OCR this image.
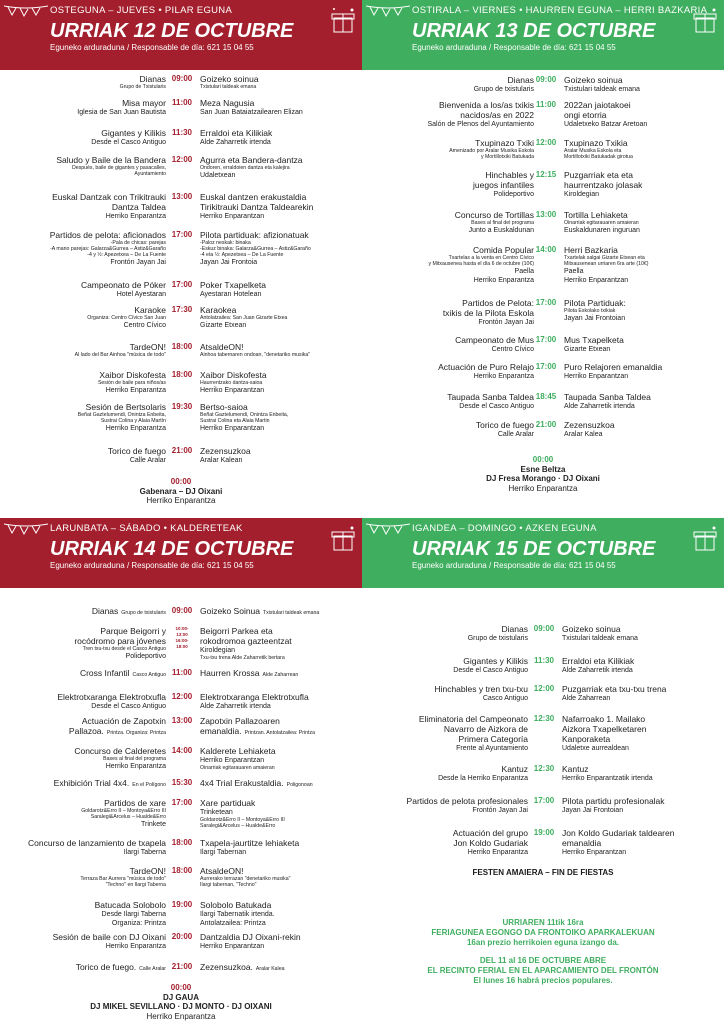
OSTEGUNA – JUEVES • PILAR EGUNA
URRIAK 12 DE OCTUBRE
Eguneko arduraduna / Responsable de día: 621 15 04 55
Dianas
Grupo de Txistularis
09:00 Goizeko soinua
Txistulari taldeak emana
Misa mayor
Iglesia de San Juan Bautista
11:00 Meza Nagusia
San Juan Bataiatzailearen Elizan
Gigantes y Kilikis
Desde el Casco Antiguo
11:30 Erraldoi eta Kilikiak
Alde Zaharretik irtenda
Saludo y Baile de la Bandera
Después, baile de gigantes y pasacalles,
Ayuntamiento
12:00 Agurra eta Bandera-dantza
Ondoren, erraldoien dantza eta kalejira
Udaletxean
Euskal Dantzak con Trikitrauki
Dantza Taldea
Herriko Enparantza
13:00 Euskal dantzen erakustaldia
Tirikitrauki Dantza Taldearekin
Herriko Enparantzan
Partidos de pelota: aficionados
-Pala de chicas: parejas
-A mano parejas: Galarza&Gurrea – Astiz&Garaño
-4 y ½: Apezetxea – De La Fuente
Frontón Jayan Jai
17:00 Pilota partiduak: afizionatuak
-Paloz neskak: binaka
-Eskuz binaka: Galarza&Gurrea – Astiz&Garaño
-4 eta ½: Apezetxea – De La Fuente
Jayan Jai Frontoia
Campeonato de Póker
Hotel Ayestaran
17:00 Poker Txapelketa
Ayestaran Hotelean
Karaoke
Organiza: Centro Cívico San Juan
Centro Cívico
17:30 Karaokea
Antolatzailea: San Juan Gizarte Etxea
Gizarte Etxean
TardeON!
Al lado del Bar Ainhoa "música de todo"
18:00 AtsaldeON!
Ainhoa tabernaren ondoan, "denetariko musika"
Xaibor Diskofesta
Sesión de baile para niños/as
Herriko Enparantza
18:00 Xaibor Diskofesta
Haurrentzako dantza-saioa
Herriko Enparantzan
Sesión de Bertsolaris
Beñat Gaztelumendi, Onintza Enbeita,
Sustrai Colina y Alaia Martín
Herriko Enparantza
19:30 Bertso-saioa
Beñat Gaztelumendi, Onintza Enbeita,
Sustrai Colina eta Alaia Martin
Herriko Enparantzan
Torico de fuego
Calle Aralar
21:00 Zezensuzkoa
Aralar Kalean
00:00
Gabenara – DJ Oixani
Herriko Enparantza
OSTIRALA – VIERNES • HAURREN EGUNA – HERRI BAZKARIA
URRIAK 13 DE OCTUBRE
Eguneko arduraduna / Responsable de día: 621 15 04 55
Dianas
Grupo de txistularis
09:00 Goizeko soinua
Txistulari taldeak emana
Bienvenida a los/as txikis
nacidos/as en 2022
Salón de Plenos del Ayuntamiento
11:00 2022an jaiotakoei
ongi etorria
Udaletxeko Batzar Aretoan
Txupinazo Txiki
Amenizado por Aralar Musika Eskola
y Mortillotxiki Batukada
12:00 Txupinazo Txikia
Aralar Musika Eskola eta
Mortillotxiki Batukadak girotua
Hinchables y
juegos infantiles
Polideportivo
12:15 Puzgarriak eta eta
haurrentzako jolasak
Kiroldegian
Concurso de Tortillas
Bases al final del programa
Junto a Euskaldunan
13:00 Tortilla Lehiaketa
Oinarriak egitarauaren amaieran
Euskaldunaren inguruan
Comida Popular
Txartelas a la venta en Centro Cívico
y Mitxausenea hasta el día 6 de octubre (10€)
Paella
Herriko Enparantza
14:00 Herri Bazkaria
Txartelak salgai Gizarte Etxean eta
Mitxausenean urriaren 6ra arte (10€)
Paella
Herriko Enparantzan
Partidos de Pelota:
txikis de la Pilota Eskola
Frontón Jayan Jai
17:00 Pilota Partiduak:
Pilota Eskolako txikiak
Jayan Jai Frontoian
Campeonato de Mus
Centro Cívico
17:00 Mus Txapelketa
Gizarte Etxean
Actuación de Puro Relajo
Herriko Enparantza
17:00 Puro Relajoren emanaldia
Herriko Enparantzan
Taupada Sanba Taldea
Desde el Casco Antiguo
18:45 Taupada Sanba Taldea
Alde Zaharretik irtenda
Torico de fuego
Calle Aralar
21:00 Zezensuzkoa
Aralar Kalea
00:00
Esne Beltza
DJ Fresa Morango · DJ Oixani
Herriko Enparantza
LARUNBATA – SÁBADO • KALDERETEAK
URRIAK 14 DE OCTUBRE
Eguneko arduraduna / Responsable de día: 621 15 04 55
Dianas Grupo de txistularis 09:00 Goizeko Soinua Txistulari taldeak emana
Parque Beigorri y
rocódromo para jóvenes
Tren txu-txu desde el Casco Antiguo
Polideportivo
10:00-13:00 16:00-18:00
Beigorri Parkea eta
rokodromoa gazteentzat
Kiroldegian
Txu-txu trena Alde Zaharretik bertara
Cross Infantil Casco Antiguo 11:00 Haurren Krossa Alde Zaharrean
Elektrotxaranga Elektrotxufla
Desde el Casco Antiguo
12:00 Elektrotxaranga Elektrotxufla
Alde Zaharretik irtenda
Actuación de Zapotxin
Pallazoa. Printza. Organiza: Printza
13:00 Zapotxin Pallazoaren
emanaldia. Printzan. Antolatzailea: Printza
Concurso de Calderetes
Bases al final del programa
Herriko Enparantza
14:00 Kalderete Lehiaketa
Herriko Enparantzan
Oinarriak egitarauaren amaieran
Exhibición Trial 4x4. En el Polígono 15:30 4x4 Trial Erakustaldia. Poligonoan
Partidos de xare
Goldarotz&Erro II – Montoya&Erro III
Saralegi&Arcelus – Hualde&Erro
Trinkete
17:00 Xare partiduak
Trinketean
Goldarotz&Erro II – Montoya&Erro III
Saralegi&Arcelus – Hualde&Erro
Concurso de lanzamiento de txapela
Ilargi Taberna
18:00 Txapela-jaurtitze lehiaketa
Ilargi Tabernan
TardeON!
Terraza Bar Aurrera "música de todo"
"Techno" en Ilargi Taberna
18:00 AtsaldeON!
Aurrerako terrazan "denetariko musika"
Ilargi tabernan, "Techno"
Batucada Solobolo
Desde Ilargi Taberna
Organiza: Printza
19:00 Solobolo Batukada
Ilargi Tabernatik irtenda.
Antolatzailea: Printza
Sesión de baile con DJ Oixani
Herriko Enparantza
20:00 Dantzaldia DJ Oixani-rekin
Herriko Enparantzan
Torico de fuego. Calle Aralar 21:00 Zezensuzkoa. Aralar Kalea
00:00
DJ GAUA
DJ MIKEL SEVILLANO · DJ MONTO · DJ OIXANI
Herriko Enparantza
IGANDEA – DOMINGO • AZKEN EGUNA
URRIAK 15 DE OCTUBRE
Eguneko arduraduna / Responsable de día: 621 15 04 55
Dianas
Grupo de txistularis
09:00 Goizeko soinua
Txistulari taldeak emana
Gigantes y Kilikis
Desde el Casco Antiguo
11:30 Erraldoi eta Kilikiak
Alde Zaharretik irtenda
Hinchables y tren txu-txu
Casco Antiguo
12:00 Puzgarriak eta txu-txu trena
Alde Zaharrean
Eliminatoria del Campeonato
Navarro de Aizkora de
Primera Categoría
Frente al Ayuntamiento
12:30 Nafarroako 1. Mailako
Aizkora Txapelketaren
Kanporaketa
Udaletxe aurrealdean
Kantuz
Desde la Herriko Enparantza
12:30 Kantuz
Herriko Enparantzatik irtenda
Partidos de pelota profesionales
Frontón Jayan Jai
17:00 Pilota partidu profesionalak
Jayan Jai Frontoian
Actuación del grupo
Jon Koldo Gudariak
Herriko Enparantza
19:00 Jon Koldo Gudariak taldearen
emanaldia
Herriko Enparantzan
FESTEN AMAIERA – FIN DE FIESTAS
URRIAREN 11tik 16ra
FERIAGUNEA EGONGO DA FRONTOIKO APARKALEKUAN
16an prezio herrikoien eguna izango da.
DEL 11 al 16 DE OCTUBRE ABRE
EL RECINTO FERIAL EN EL APARCAMIENTO DEL FRONTÓN
El lunes 16 habrá precios populares.
